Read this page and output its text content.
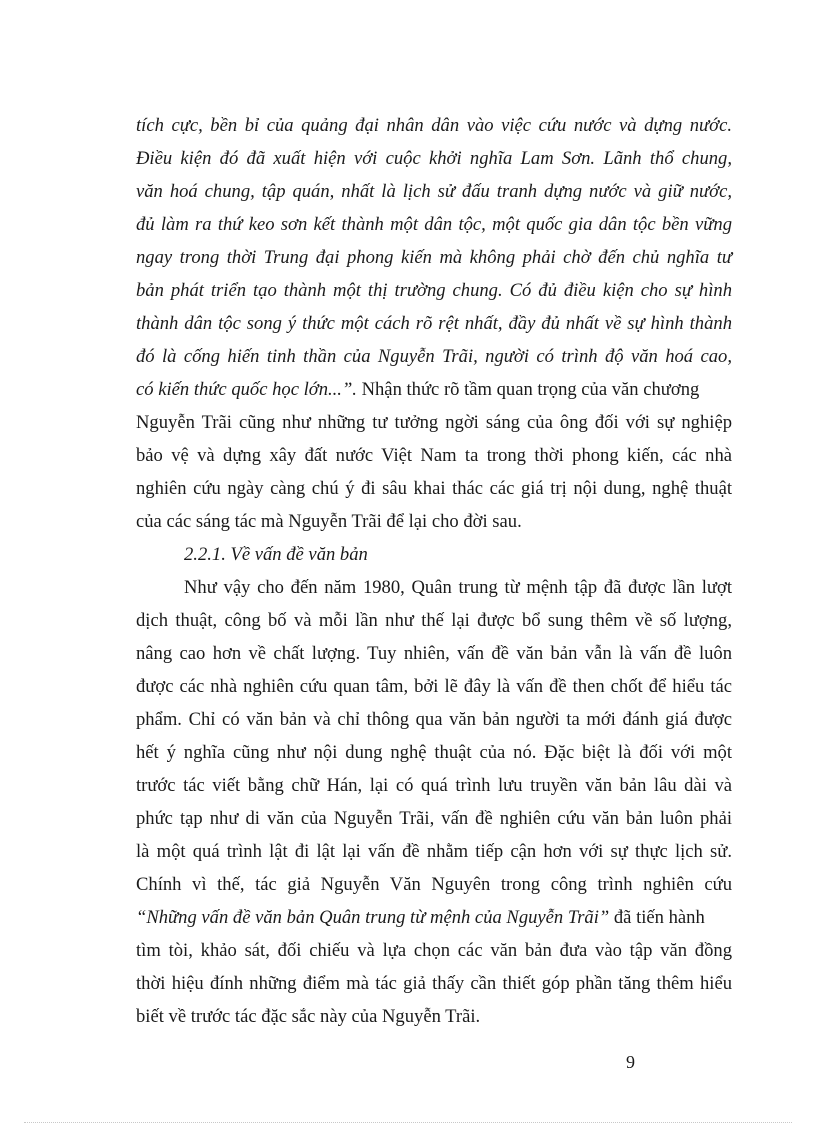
tích cực, bền bỉ của quảng đại nhân dân vào việc cứu nước và dựng nước.
Điều kiện đó đã xuất hiện với cuộc khởi nghĩa Lam Sơn. Lãnh thổ chung,
văn hoá chung, tập quán, nhất là lịch sử đấu tranh dựng nước và giữ nước,
đủ làm ra thứ keo sơn kết thành một dân tộc, một quốc gia dân tộc bền vững
ngay trong thời Trung đại phong kiến mà không phải chờ đến chủ nghĩa tư
bản phát triển tạo thành một thị trường chung. Có đủ điều kiện cho sự hình
thành dân tộc song ý thức một cách rõ rệt nhất, đầy đủ nhất về sự hình thành
đó là cống hiến tinh thần của Nguyễn Trãi, người có trình độ văn hoá cao,
có kiến thức quốc học lớn...”. Nhận thức rõ tầm quan trọng của văn chương
Nguyễn Trãi cũng như những tư tưởng ngời sáng của ông đối với sự nghiệp
bảo vệ và dựng xây đất nước Việt Nam ta trong thời phong kiến, các nhà
nghiên cứu ngày càng chú ý đi sâu khai thác các giá trị nội dung, nghệ thuật
của các sáng tác mà Nguyễn Trãi để lại cho đời sau.
2.2.1. Về vấn đề văn bản
Như vậy cho đến năm 1980, Quân trung từ mệnh tập đã được lần lượt
dịch thuật, công bố và mỗi lần như thế lại được bổ sung thêm về số lượng,
nâng cao hơn về chất lượng. Tuy nhiên, vấn đề văn bản vẫn là vấn đề luôn
được các nhà nghiên cứu quan tâm, bởi lẽ đây là vấn đề then chốt để hiểu tác
phẩm. Chỉ có văn bản và chỉ thông qua văn bản người ta mới đánh giá được
hết ý nghĩa cũng như nội dung nghệ thuật của nó. Đặc biệt là đối với một
trước tác viết bằng chữ Hán, lại có quá trình lưu truyền văn bản lâu dài và
phức tạp như di văn của Nguyễn Trãi, vấn đề nghiên cứu văn bản luôn phải
là một quá trình lật đi lật lại vấn đề nhằm tiếp cận hơn với sự thực lịch sử.
Chính vì thế, tác giả Nguyễn Văn Nguyên trong công trình nghiên cứu
“Những vấn đề văn bản Quân trung từ mệnh của Nguyễn Trãi” đã tiến hành
tìm tòi, khảo sát, đối chiếu và lựa chọn các văn bản đưa vào tập văn đồng
thời hiệu đính những điểm mà tác giả thấy cần thiết góp phần tăng thêm hiểu
biết về trước tác đặc sắc này của Nguyễn Trãi.
9
